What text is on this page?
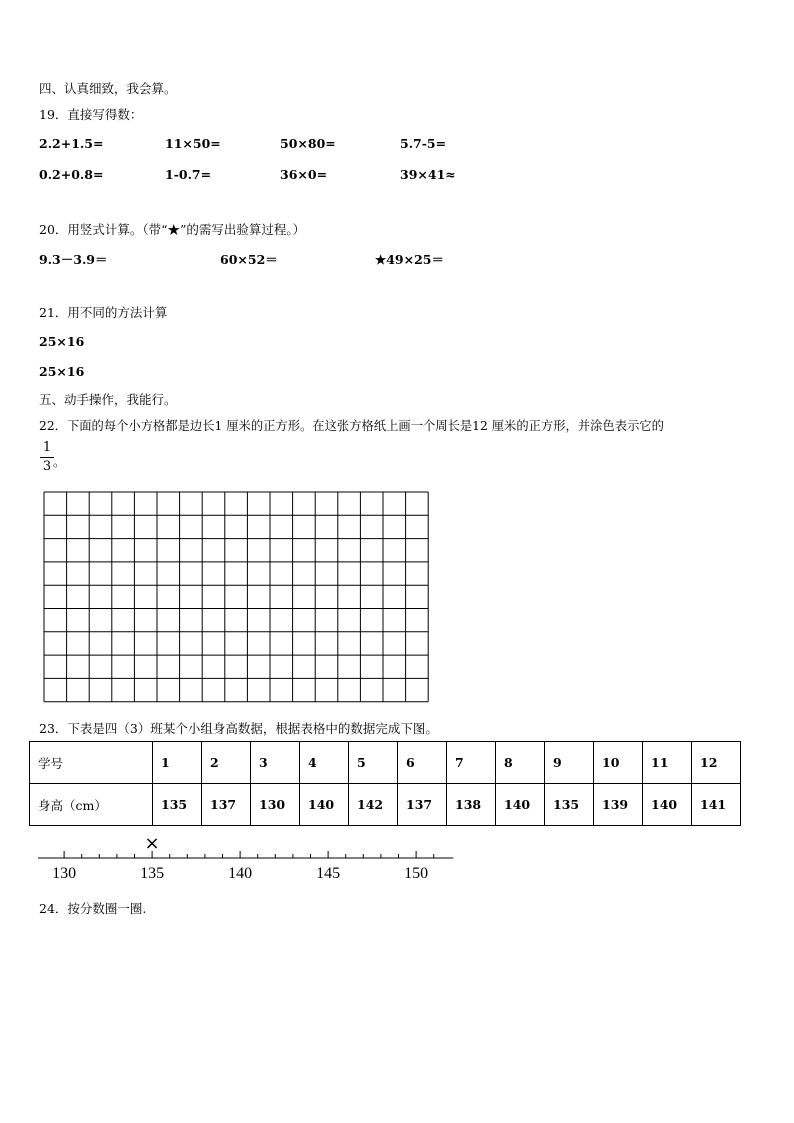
四、认真细致，我会算。
19．直接写得数：
2.2+1.5=	11×50=	50×80=	5.7-5=
0.2+0.8=	1-0.7=	36×0=	39×41≈
20．用竖式计算。（带“★”的需写出验算过程。）
9.3－3.9＝	60×52＝	★49×25＝
21．用不同的方法计算
25×16
25×16
五、动手操作，我能行。
22．下面的每个小方格都是边长1 厘米的正方形。在这张方格纸上画一个周长是12 厘米的正方形，并涂色表示它的
1
3 。
23．下表是四（3）班某个小组身高数据，根据表格中的数据完成下图。
学号	1	2	3	4	5	6	7	8	9	10	11	12
身高（cm）	135	137	130	140	142	137	138	140	135	139	140	141
130	135	140	145	150
×
24．按分数圈一圈.
